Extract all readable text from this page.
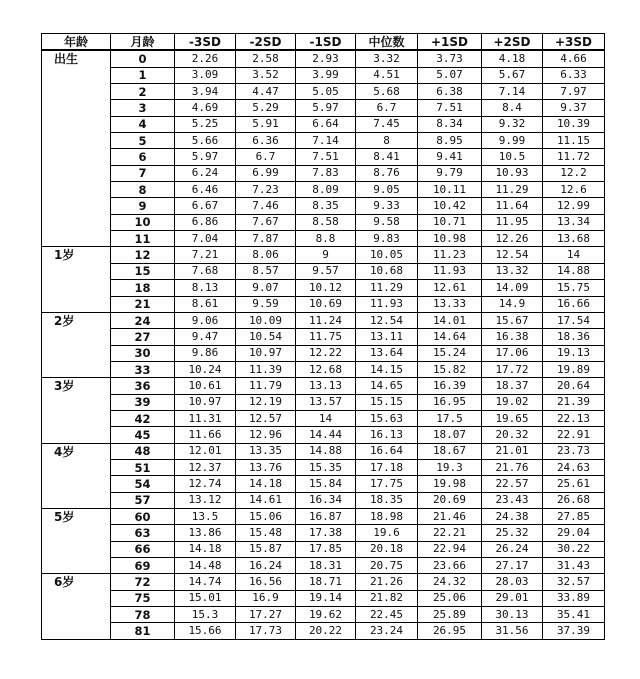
年龄	月龄	-3SD	-2SD	-1SD	中位数	+1SD	+2SD	+3SD
出生	0	2.26	2.58	2.93	3.32	3.73	4.18	4.66
	1	3.09	3.52	3.99	4.51	5.07	5.67	6.33
	2	3.94	4.47	5.05	5.68	6.38	7.14	7.97
	3	4.69	5.29	5.97	6.7	7.51	8.4	9.37
	4	5.25	5.91	6.64	7.45	8.34	9.32	10.39
	5	5.66	6.36	7.14	8	8.95	9.99	11.15
	6	5.97	6.7	7.51	8.41	9.41	10.5	11.72
	7	6.24	6.99	7.83	8.76	9.79	10.93	12.2
	8	6.46	7.23	8.09	9.05	10.11	11.29	12.6
	9	6.67	7.46	8.35	9.33	10.42	11.64	12.99
	10	6.86	7.67	8.58	9.58	10.71	11.95	13.34
	11	7.04	7.87	8.8	9.83	10.98	12.26	13.68
1岁	12	7.21	8.06	9	10.05	11.23	12.54	14
	15	7.68	8.57	9.57	10.68	11.93	13.32	14.88
	18	8.13	9.07	10.12	11.29	12.61	14.09	15.75
	21	8.61	9.59	10.69	11.93	13.33	14.9	16.66
2岁	24	9.06	10.09	11.24	12.54	14.01	15.67	17.54
	27	9.47	10.54	11.75	13.11	14.64	16.38	18.36
	30	9.86	10.97	12.22	13.64	15.24	17.06	19.13
	33	10.24	11.39	12.68	14.15	15.82	17.72	19.89
3岁	36	10.61	11.79	13.13	14.65	16.39	18.37	20.64
	39	10.97	12.19	13.57	15.15	16.95	19.02	21.39
	42	11.31	12.57	14	15.63	17.5	19.65	22.13
	45	11.66	12.96	14.44	16.13	18.07	20.32	22.91
4岁	48	12.01	13.35	14.88	16.64	18.67	21.01	23.73
	51	12.37	13.76	15.35	17.18	19.3	21.76	24.63
	54	12.74	14.18	15.84	17.75	19.98	22.57	25.61
	57	13.12	14.61	16.34	18.35	20.69	23.43	26.68
5岁	60	13.5	15.06	16.87	18.98	21.46	24.38	27.85
	63	13.86	15.48	17.38	19.6	22.21	25.32	29.04
	66	14.18	15.87	17.85	20.18	22.94	26.24	30.22
	69	14.48	16.24	18.31	20.75	23.66	27.17	31.43
6岁	72	14.74	16.56	18.71	21.26	24.32	28.03	32.57
	75	15.01	16.9	19.14	21.82	25.06	29.01	33.89
	78	15.3	17.27	19.62	22.45	25.89	30.13	35.41
	81	15.66	17.73	20.22	23.24	26.95	31.56	37.39
